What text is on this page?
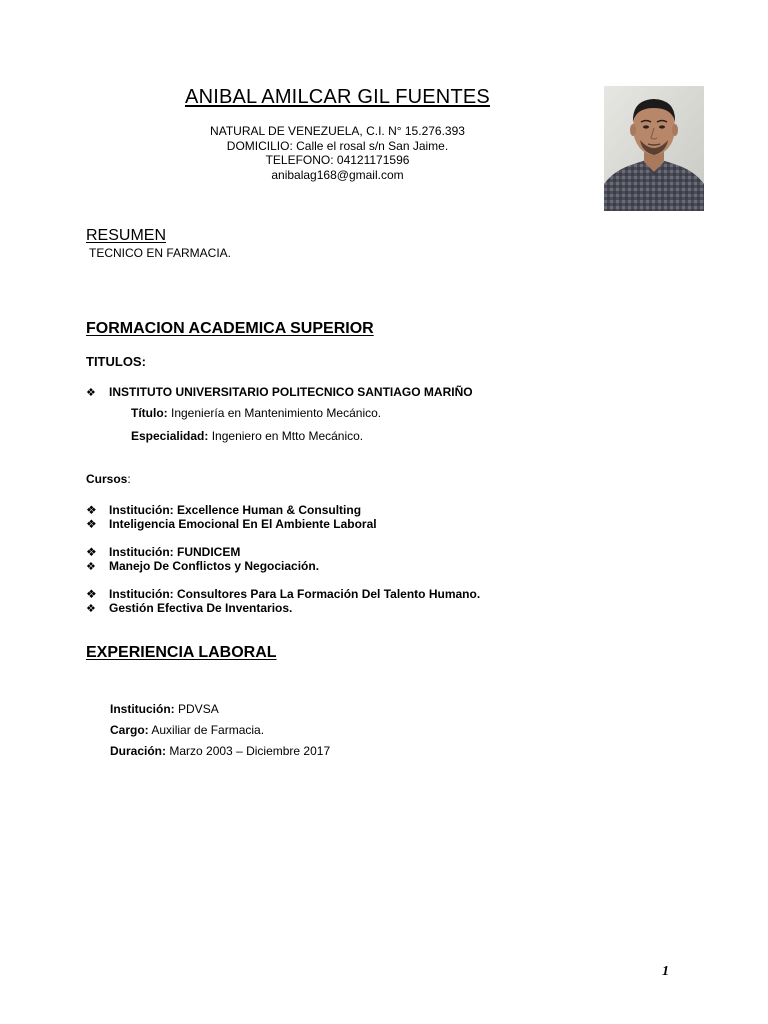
ANIBAL AMILCAR GIL FUENTES
NATURAL DE VENEZUELA, C.I. N° 15.276.393
DOMICILIO: Calle el rosal s/n San Jaime.
TELEFONO: 04121171596
anibalag168@gmail.com
RESUMEN
TECNICO EN FARMACIA.
FORMACION ACADEMICA SUPERIOR
TITULOS:
❖	INSTITUTO UNIVERSITARIO POLITECNICO SANTIAGO MARIÑO
Título: Ingeniería en Mantenimiento Mecánico.
Especialidad: Ingeniero en Mtto Mecánico.
Cursos:
❖	Institución: Excellence Human & Consulting
❖	Inteligencia Emocional En El Ambiente Laboral
❖	Institución: FUNDICEM
❖	Manejo De Conflictos y Negociación.
❖	Institución: Consultores Para La Formación Del Talento Humano.
❖	Gestión Efectiva De Inventarios.
EXPERIENCIA LABORAL
Institución: PDVSA
Cargo: Auxiliar de Farmacia.
Duración: Marzo 2003 – Diciembre 2017
1
